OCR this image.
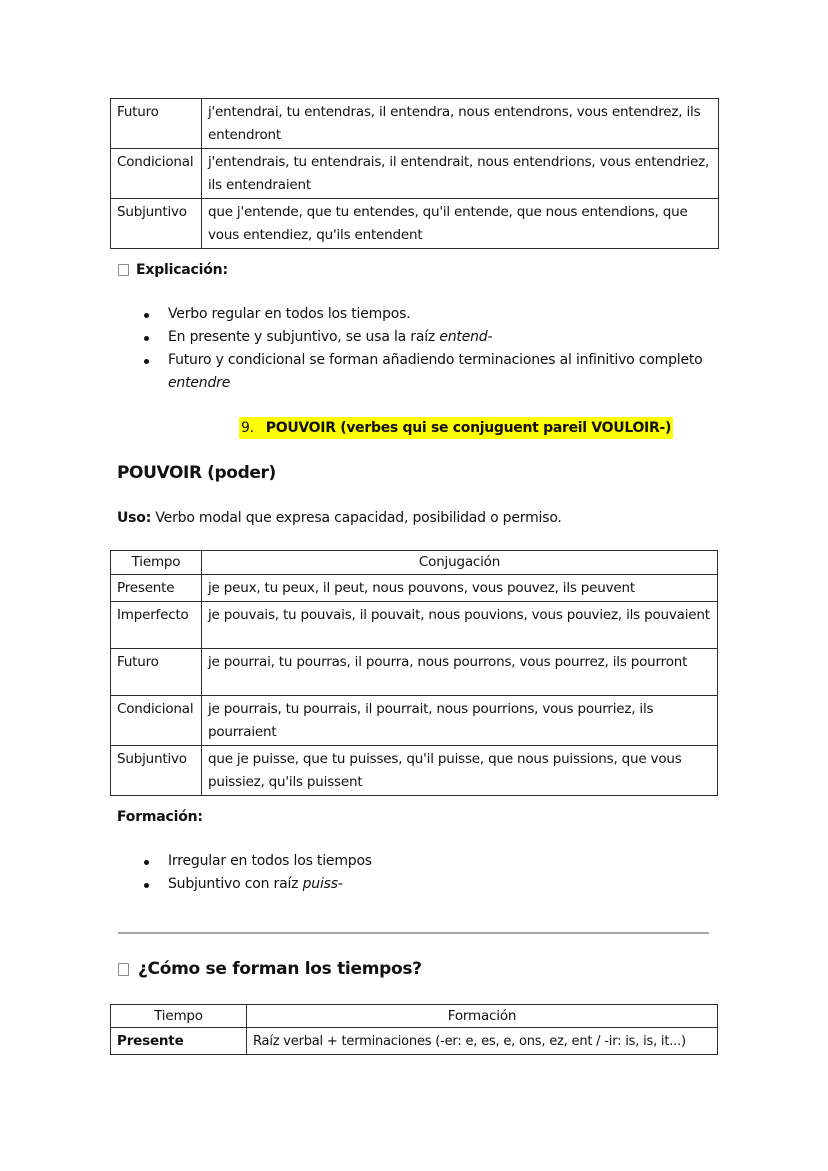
Futuro	j'entendrai, tu entendras, il entendra, nous entendrons, vous entendrez, ils entendront
Condicional	j'entendrais, tu entendrais, il entendrait, nous entendrions, vous entendriez, ils entendraient
Subjuntivo	que j'entende, que tu entendes, qu'il entende, que nous entendions, que vous entendiez, qu'ils entendent
Explicación:
Verbo regular en todos los tiempos.
En presente y subjuntivo, se usa la raíz entend-
Futuro y condicional se forman añadiendo terminaciones al infinitivo completo entendre
9. POUVOIR (verbes qui se conjuguent pareil VOULOIR-)
POUVOIR (poder)
Uso: Verbo modal que expresa capacidad, posibilidad o permiso.
Tiempo	Conjugación
Presente	je peux, tu peux, il peut, nous pouvons, vous pouvez, ils peuvent
Imperfecto	je pouvais, tu pouvais, il pouvait, nous pouvions, vous pouviez, ils pouvaient
Futuro	je pourrai, tu pourras, il pourra, nous pourrons, vous pourrez, ils pourront
Condicional	je pourrais, tu pourrais, il pourrait, nous pourrions, vous pourriez, ils pourraient
Subjuntivo	que je puisse, que tu puisses, qu'il puisse, que nous puissions, que vous puissiez, qu'ils puissent
Formación:
Irregular en todos los tiempos
Subjuntivo con raíz puiss-
¿Cómo se forman los tiempos?
Tiempo	Formación
Presente	Raíz verbal + terminaciones (-er: e, es, e, ons, ez, ent / -ir: is, is, it...)
